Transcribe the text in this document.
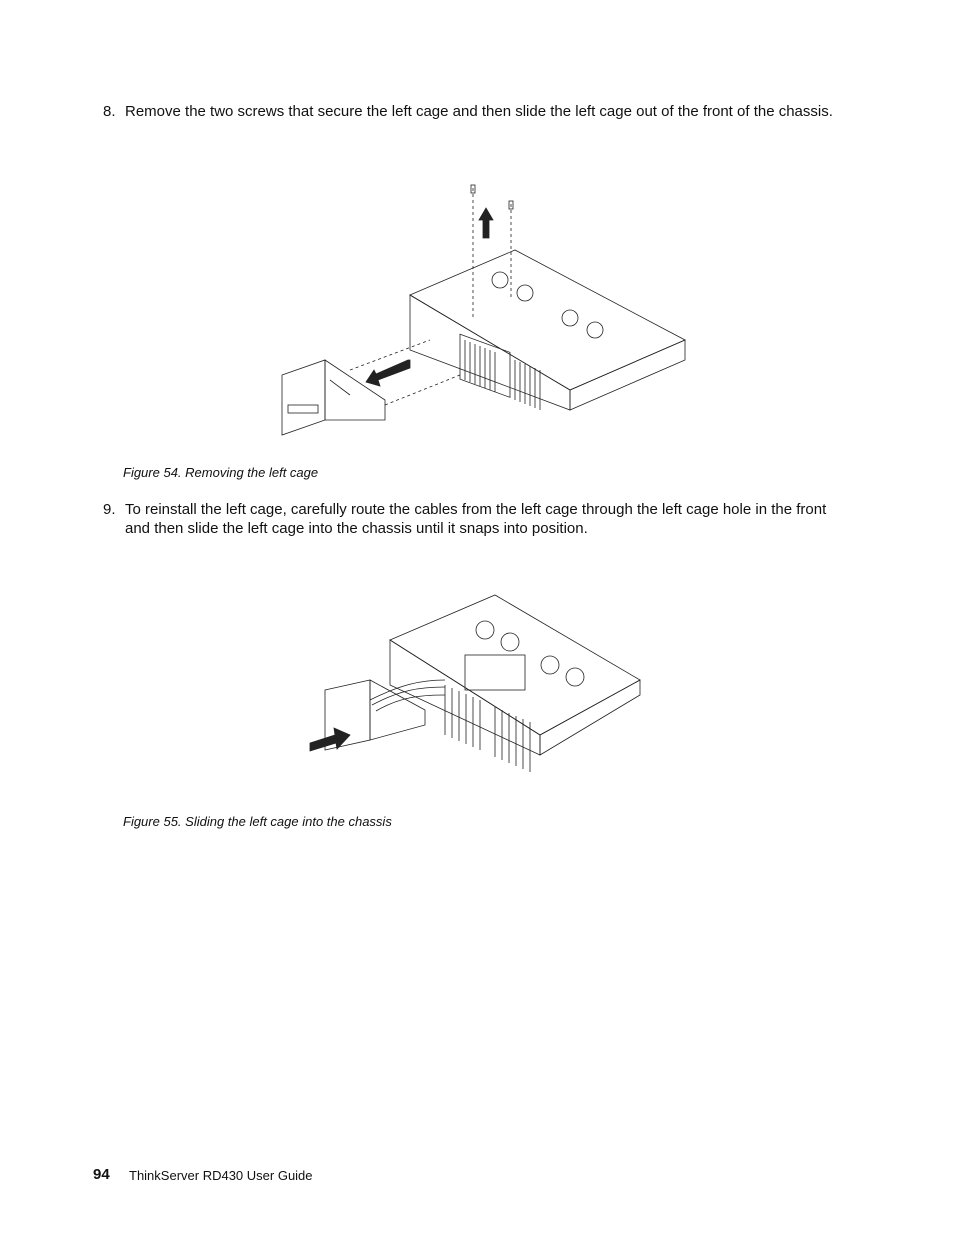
8. Remove the two screws that secure the left cage and then slide the left cage out of the front of the chassis.
Figure 54. Removing the left cage
9. To reinstall the left cage, carefully route the cables from the left cage through the left cage hole in the front and then slide the left cage into the chassis until it snaps into position.
Figure 55. Sliding the left cage into the chassis
94 ThinkServer RD430 User Guide
